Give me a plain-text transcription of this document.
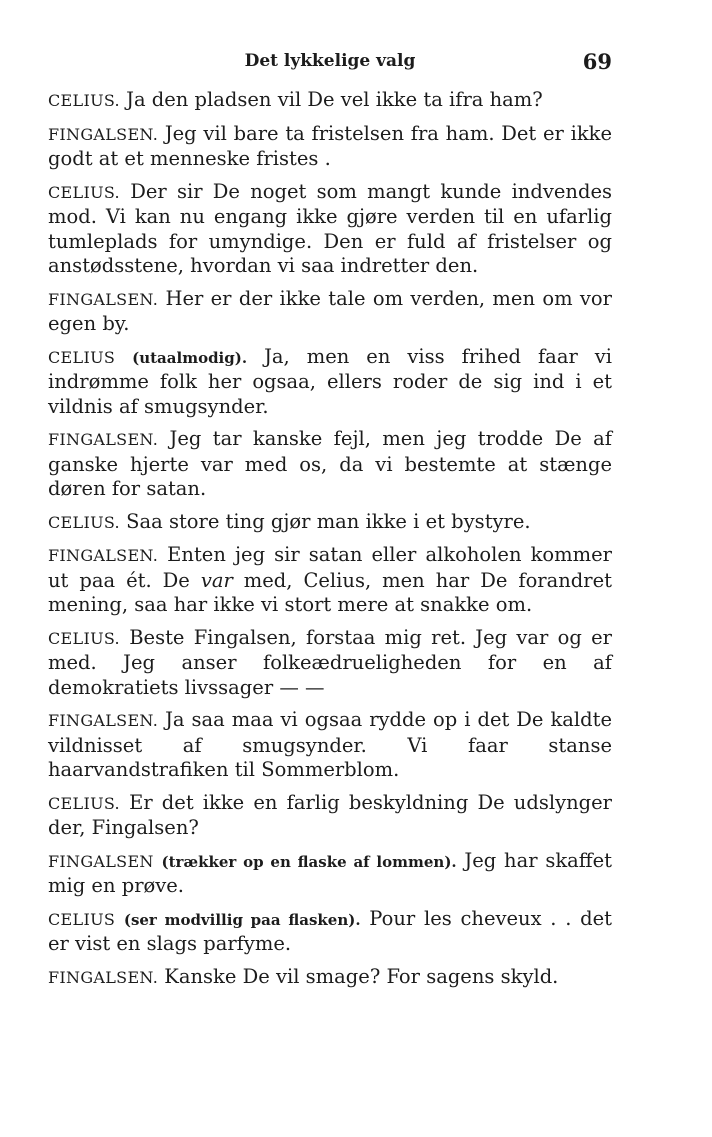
Det lykkelige valg	69

CELIUS. Ja den pladsen vil De vel ikke ta ifra ham?

FINGALSEN. Jeg vil bare ta fristelsen fra ham. Det er ikke godt at et menneske fristes .

CELIUS. Der sir De noget som mangt kunde indvendes mod. Vi kan nu engang ikke gjøre verden til en ufarlig tumleplads for umyndige. Den er fuld af fristelser og anstødsstene, hvordan vi saa indretter den.

FINGALSEN. Her er der ikke tale om verden, men om vor egen by.

CELIUS (utaalmodig). Ja, men en viss frihed faar vi indrømme folk her ogsaa, ellers roder de sig ind i et vildnis af smugsynder.

FINGALSEN. Jeg tar kanske fejl, men jeg trodde De af ganske hjerte var med os, da vi bestemte at stænge døren for satan.

CELIUS. Saa store ting gjør man ikke i et bystyre.

FINGALSEN. Enten jeg sir satan eller alkoholen kommer ut paa ét. De var med, Celius, men har De forandret mening, saa har ikke vi stort mere at snakke om.

CELIUS. Beste Fingalsen, forstaa mig ret. Jeg var og er med. Jeg anser folkeædrueligheden for en af demokratiets livssager — —

FINGALSEN. Ja saa maa vi ogsaa rydde op i det De kaldte vildnisset af smugsynder. Vi faar stanse haarvandstrafiken til Sommerblom.

CELIUS. Er det ikke en farlig beskyldning De udslynger der, Fingalsen?

FINGALSEN (trækker op en flaske af lommen). Jeg har skaffet mig en prøve.

CELIUS (ser modvillig paa flasken). Pour les cheveux . . det er vist en slags parfyme.

FINGALSEN. Kanske De vil smage? For sagens skyld.
